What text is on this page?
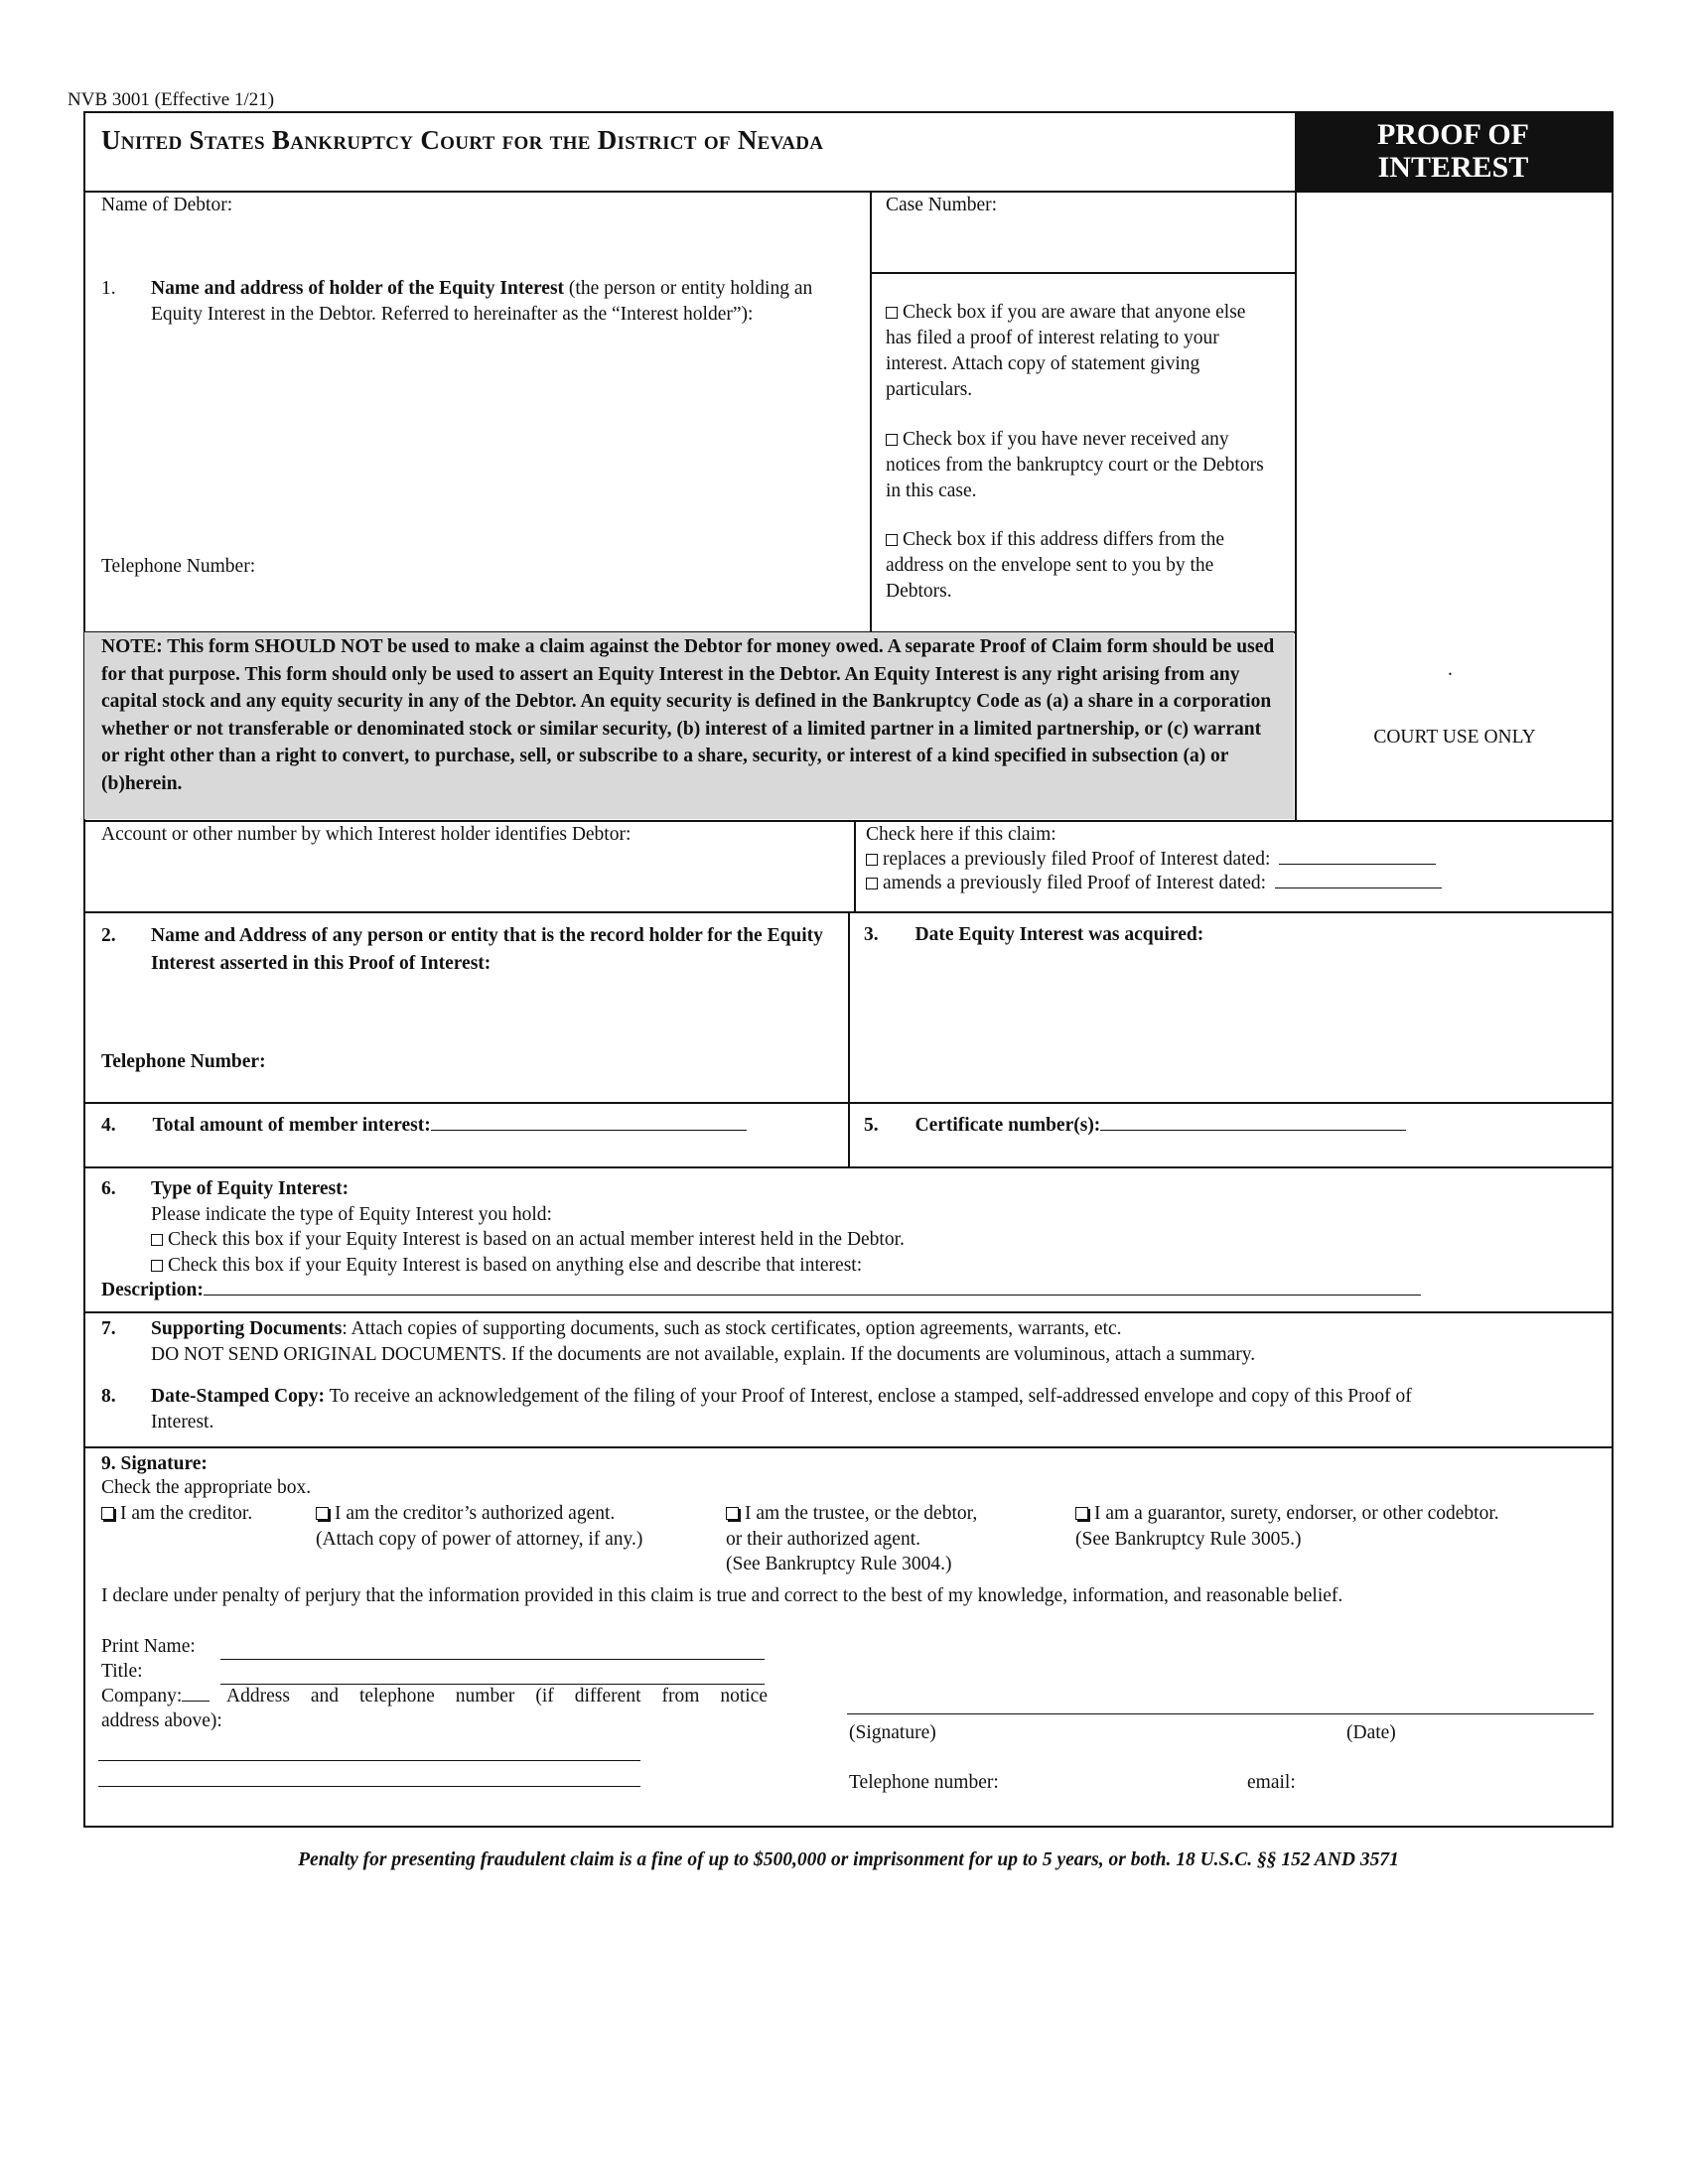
NVB 3001 (Effective 1/21)
United States Bankruptcy Court for the District of Nevada	PROOF OF
INTEREST
Name of Debtor:	Case Number:
1. Name and address of holder of the Equity Interest (the person or entity holding an Equity Interest in the Debtor. Referred to hereinafter as the “Interest holder”):
Telephone Number:
Check box if you are aware that anyone else has filed a proof of interest relating to your interest. Attach copy of statement giving particulars.
Check box if you have never received any notices from the bankruptcy court or the Debtors in this case.
Check box if this address differs from the address on the envelope sent to you by the Debtors.
NOTE: This form SHOULD NOT be used to make a claim against the Debtor for money owed. A separate Proof of Claim form should be used for that purpose. This form should only be used to assert an Equity Interest in the Debtor. An Equity Interest is any right arising from any capital stock and any equity security in any of the Debtor. An equity security is defined in the Bankruptcy Code as (a) a share in a corporation whether or not transferable or denominated stock or similar security, (b) interest of a limited partner in a limited partnership, or (c) warrant or right other than a right to convert, to purchase, sell, or subscribe to a share, security, or interest of a kind specified in subsection (a) or (b)herein.
.
COURT USE ONLY
Account or other number by which Interest holder identifies Debtor:	Check here if this claim:
replaces a previously filed Proof of Interest dated:
amends a previously filed Proof of Interest dated:
2. Name and Address of any person or entity that is the record holder for the Equity Interest asserted in this Proof of Interest:
Telephone Number:
3. Date Equity Interest was acquired:
4. Total amount of member interest:	5. Certificate number(s):
6. Type of Equity Interest:
Please indicate the type of Equity Interest you hold:
Check this box if your Equity Interest is based on an actual member interest held in the Debtor.
Check this box if your Equity Interest is based on anything else and describe that interest:
Description:
7. Supporting Documents: Attach copies of supporting documents, such as stock certificates, option agreements, warrants, etc.
DO NOT SEND ORIGINAL DOCUMENTS. If the documents are not available, explain. If the documents are voluminous, attach a summary.
8. Date-Stamped Copy: To receive an acknowledgement of the filing of your Proof of Interest, enclose a stamped, self-addressed envelope and copy of this Proof of
Interest.
9. Signature:
Check the appropriate box.
I am the creditor.	I am the creditor’s authorized agent.
(Attach copy of power of attorney, if any.)
I am the trustee, or the debtor,
or their authorized agent.
(See Bankruptcy Rule 3004.)
I am a guarantor, surety, endorser, or other codebtor.
(See Bankruptcy Rule 3005.)
I declare under penalty of perjury that the information provided in this claim is true and correct to the best of my knowledge, information, and reasonable belief.
Print Name:
Title:
Company:	Address and telephone number (if different from notice
address above):
(Signature)	(Date)
Telephone number:	email:
Penalty for presenting fraudulent claim is a fine of up to $500,000 or imprisonment for up to 5 years, or both. 18 U.S.C. §§ 152 AND 3571
